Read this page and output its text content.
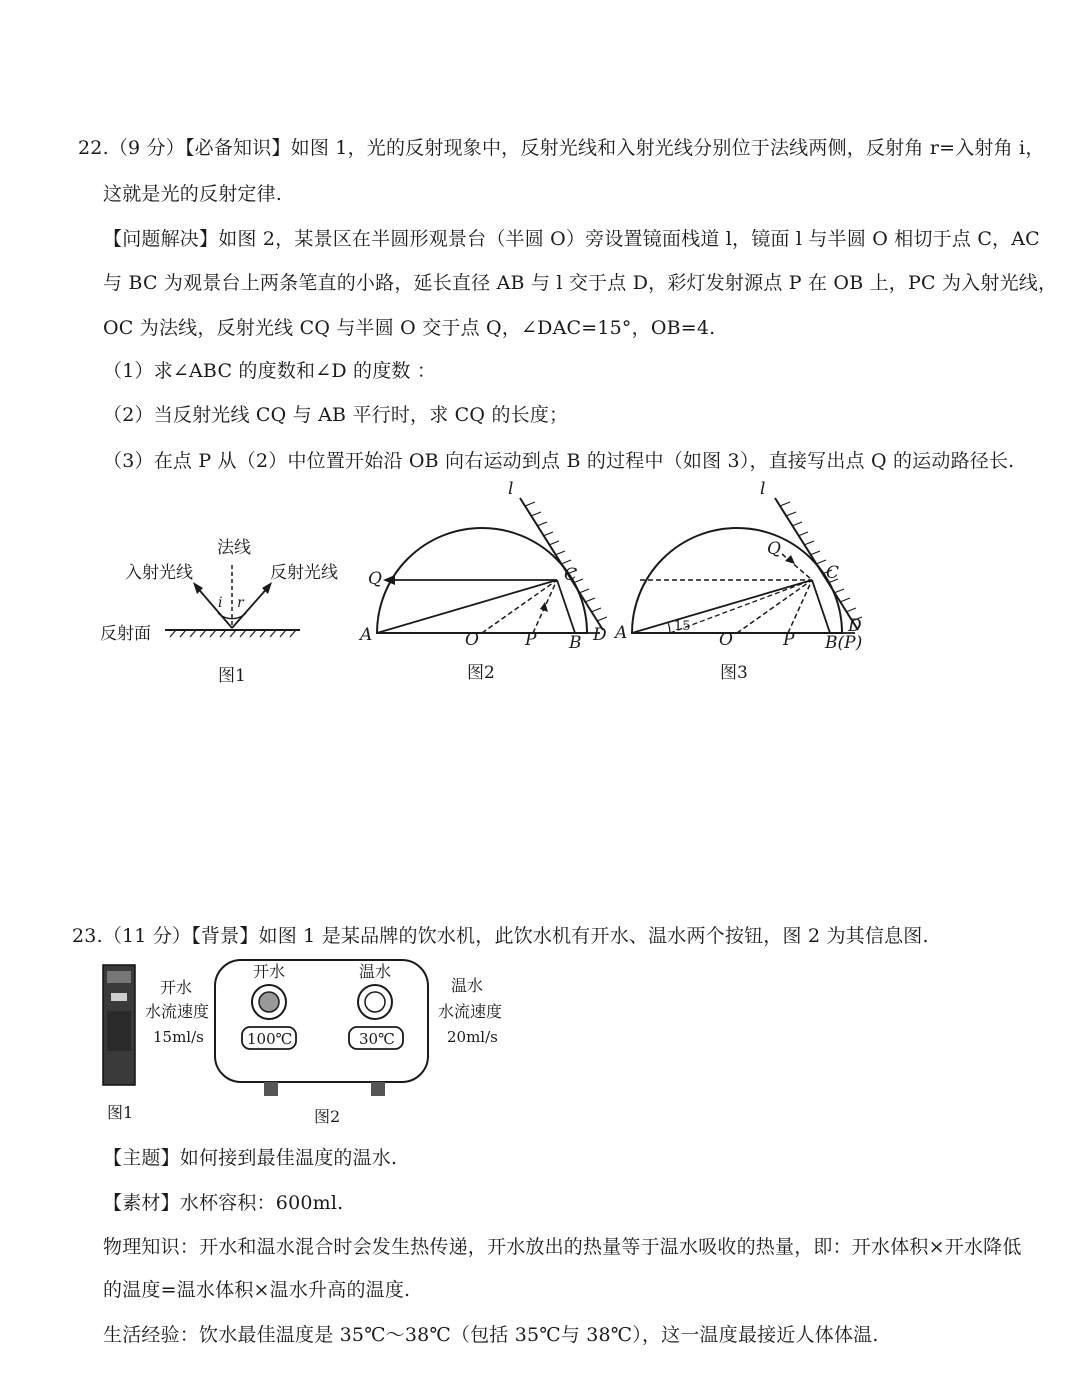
22.（9 分）【必备知识】如图 1，光的反射现象中，反射光线和入射光线分别位于法线两侧，反射角 r=入射角 i，
这就是光的反射定律.
【问题解决】如图 2，某景区在半圆形观景台（半圆 O）旁设置镜面栈道 l，镜面 l 与半圆 O 相切于点 C，AC
与 BC 为观景台上两条笔直的小路，延长直径 AB 与 l 交于点 D，彩灯发射源点 P 在 OB 上，PC 为入射光线，
OC 为法线，反射光线 CQ 与半圆 O 交于点 Q，∠DAC=15°，OB=4.
（1）求∠ABC 的度数和∠D 的度数 ：
（2）当反射光线 CQ 与 AB 平行时，求 CQ 的长度；
（3）在点 P 从（2）中位置开始沿 OB 向右运动到点 B 的过程中（如图 3），直接写出点 Q 的运动路径长.
法线
入射光线	反射光线
反射面
i r
图1
l
Q	C
A	O	P B D
图2
l
Q
C
A	15
O	P B(P)
D
图3
23.（11 分）【背景】如图 1 是某品牌的饮水机，此饮水机有开水、温水两个按钮，图 2 为其信息图.
图1
开水
水流速度
15ml/s
图2
开水
100℃
温水
30℃
温水
水流速度
20ml/s
【主题】如何接到最佳温度的温水.
【素材】水杯容积：600ml.
物理知识：开水和温水混合时会发生热传递，开水放出的热量等于温水吸收的热量，即：开水体积×开水降低
的温度=温水体积×温水升高的温度.
生活经验：饮水最佳温度是 35℃～38℃（包括 35℃与 38℃），这一温度最接近人体体温.
